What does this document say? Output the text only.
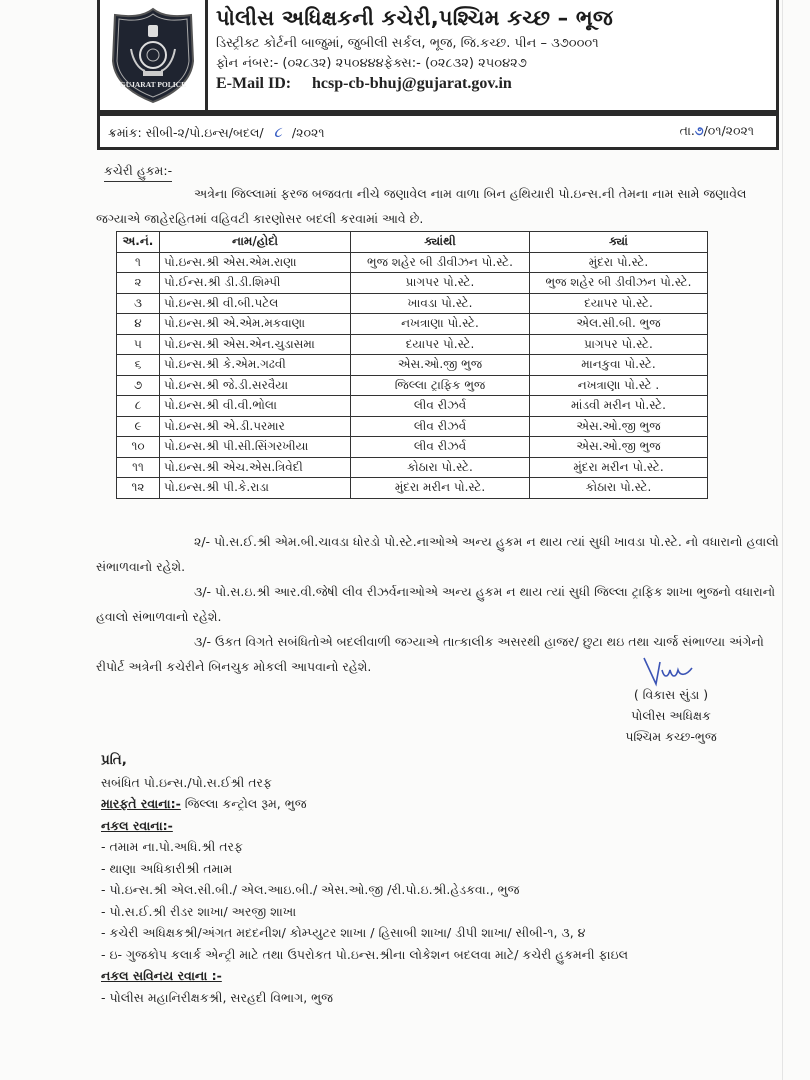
GUJARAT POLICE
પોલીસ અધિક્ષકની કચેરી,પશ્ચિમ કચ્છ – ભૂજ
ડિસ્ટ્રીક્ટ કોર્ટની બાજુમાં, જુબીલી સર્કલ, ભૂજ, જિ.કચ્છ. પીન – ૩૭૦૦૦૧
ફોન નંબર:- (૦૨૮૩૨) ૨૫૦૪૪૪ફેક્સ:- (૦૨૮૩૨) ૨૫૦૪૨૭
E-Mail ID: hcsp-cb-bhuj@gujarat.gov.in
ક્રમાંક: સીબી-૨/પો.ઇન્સ/બદલ/ ૮ /૨૦૨૧	તા.૭/૦૧/૨૦૨૧
કચેરી હુકમ:-
અત્રેના જિલ્લામાં ફરજ બજવતા નીચે જણાવેલ નામ વાળા બિન હથિયારી પો.ઇન્સ.ની તેમના નામ સામે જણાવેલ જગ્યાએ જાહેરહિતમાં વહિવટી કારણોસર બદલી કરવામાં આવે છે.
અ.નં.	નામ/હોદો	ક્યાંથી	ક્યાં
૧	પો.ઇન્સ.શ્રી એસ.એમ.રાણા	ભુજ શહેર બી ડીવીઝન પો.સ્ટે.	મુંદરા પો.સ્ટે.
૨	પો.ઈન્સ.શ્રી ડી.ડી.શિમ્પી	પ્રાગપર પો.સ્ટે.	ભુજ શહેર બી ડીવીઝન પો.સ્ટે.
૩	પો.ઇન્સ.શ્રી વી.બી.પટેલ	ખાવડા પો.સ્ટે.	દયાપર પો.સ્ટે.
૪	પો.ઇન્સ.શ્રી એ.એમ.મકવાણા	નખત્રાણા પો.સ્ટે.	એલ.સી.બી. ભુજ
૫	પો.ઇન્સ.શ્રી એસ.એન.ચુડાસમા	દયાપર પો.સ્ટે.	પ્રાગપર પો.સ્ટે.
૬	પો.ઇન્સ.શ્રી કે.એમ.ગઢવી	એસ.ઓ.જી ભુજ	માનકુવા પો.સ્ટે.
૭	પો.ઇન્સ.શ્રી જે.ડી.સરવૈયા	જિલ્લા ટ્રાફિક ભુજ	નખત્રાણા પો.સ્ટે .
૮	પો.ઇન્સ.શ્રી વી.વી.ભોલા	લીવ રીઝર્વ	માંડવી મરીન પો.સ્ટે.
૯	પો.ઇન્સ.શ્રી એ.ડી.પરમાર	લીવ રીઝર્વ	એસ.ઓ.જી ભુજ
૧૦	પો.ઇન્સ.શ્રી પી.સી.સિંગરખીયા	લીવ રીઝર્વ	એસ.ઓ.જી ભુજ
૧૧	પો.ઇન્સ.શ્રી એચ.એસ.ત્રિવેદી	કોઠારા પો.સ્ટે.	મુંદરા મરીન પો.સ્ટે.
૧૨	પો.ઇન્સ.શ્રી પી.કે.રાડા	મુંદરા મરીન પો.સ્ટે.	કોઠારા પો.સ્ટે.
૨/- પો.સ.ઈ.શ્રી એમ.બી.ચાવડા ધોરડો પો.સ્ટે.નાઓએ અન્ય હુકમ ન થાય ત્યાં સુધી ખાવડા પો.સ્ટે. નો વધારાનો હવાલો સંભાળવાનો રહેશે.
૩/- પો.સ.ઇ.શ્રી આર.વી.જેષી લીવ રીઝર્વનાઓએ અન્ય હુકમ ન થાય ત્યાં સુધી જિલ્લા ટ્રાફિક શાખા ભુજનો વધારાનો હવાલો સંભાળવાનો રહેશે.
૩/- ઉકત વિગતે સબંધિતોએ બદલીવાળી જગ્યાએ તાત્કાલીક અસરથી હાજર/ છુટા થઇ તથા ચાર્જ સંભાળ્યા અંગેનો રીપોર્ટ અત્રેની કચેરીને બિનચુક મોકલી આપવાનો રહેશે.
( વિકાસ સુંડા )
પોલીસ અધિક્ષક
પશ્ચિમ કચ્છ-ભુજ
પ્રતિ,
સબંધિત પો.ઇન્સ./પો.સ.ઈશ્રી તરફ
મારફતે રવાના:- જિલ્લા કન્ટ્રોલ રૂમ, ભુજ
નકલ રવાના:-
- તમામ ના.પો.અધિ.શ્રી તરફ
- થાણા અધિકારીશ્રી તમામ
- પો.ઇન્સ.શ્રી એલ.સી.બી./ એલ.આઇ.બી./ એસ.ઓ.જી /રી.પો.ઇ.શ્રી.હેડકવા., ભુજ
- પો.સ.ઈ.શ્રી રીડર શાખા/ અરજી શાખા
- કચેરી અધિક્ષકશ્રી/અંગત મદદનીશ/ કોમ્પ્યુટર શાખા / હિસાબી શાખા/ ડીપી શાખા/ સીબી-૧, ૩, ૪
- ઇ- ગુજકોપ કલાર્ક એન્ટ્રી માટે તથા ઉપરોકત પો.ઇન્સ.શ્રીના લોકેશન બદલવા માટે/ કચેરી હુકમની ફાઇલ
નકલ સવિનય રવાના :-
- પોલીસ મહાનિરીક્ષકશ્રી, સરહદી વિભાગ, ભુજ
